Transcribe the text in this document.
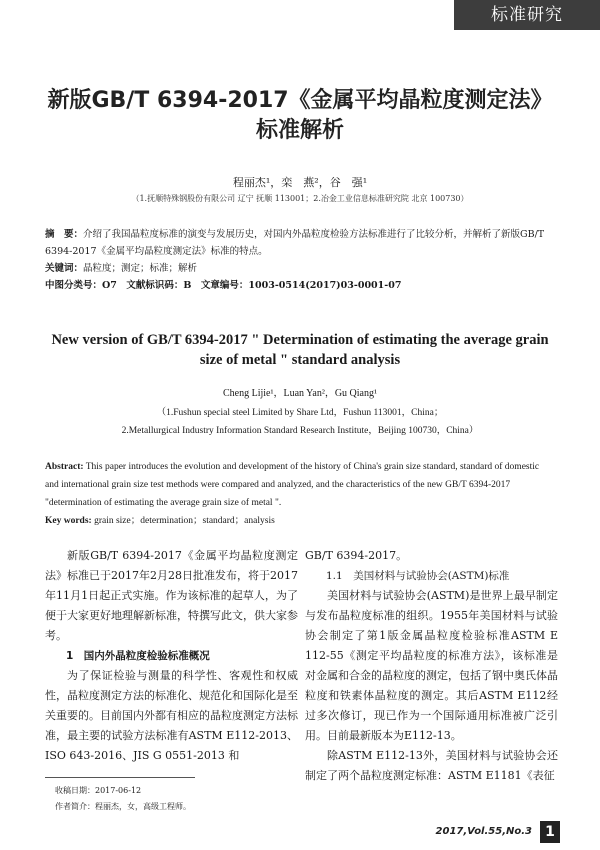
标准研究
新版GB/T 6394-2017《金属平均晶粒度测定法》标准解析
程丽杰¹，栾　燕²，谷　强¹
（1.抚顺特殊钢股份有限公司 辽宁 抚顺 113001；2.冶金工业信息标准研究院 北京 100730）

摘　要：介绍了我国晶粒度标准的演变与发展历史，对国内外晶粒度检验方法标准进行了比较分析，并解析了新版GB/T 6394-2017《金属平均晶粒度测定法》标准的特点。

关键词：晶粒度；测定；标准；解析

中图分类号：O7　文献标识码：B　文章编号：1003-0514(2017)03-0001-07

New version of GB/T 6394-2017 " Determination of estimating the average grain size of metal " standard analysis
Cheng Lijie¹，Luan Yan²，Gu Qiang¹
（1.Fushun special steel Limited by Share Ltd，Fushun 113001，China；
2.Metallurgical Industry Information Standard Research Institute，Beijing 100730，China）

Abstract: This paper introduces the evolution and development of the history of China's grain size standard, standard of domestic and international grain size test methods were compared and analyzed, and the characteristics of the new GB/T 6394-2017 "determination of estimating the average grain size of metal ".

Key words: grain size；determination；standard；analysis

新版GB/T 6394-2017《金属平均晶粒度测定法》标准已于2017年2月28日批准发布，将于2017年11月1日起正式实施。作为该标准的起草人，为了便于大家更好地理解新标准，特撰写此文，供大家参考。

1　国内外晶粒度检验标准概况

为了保证检验与测量的科学性、客观性和权威性，晶粒度测定方法的标准化、规范化和国际化是至关重要的。目前国内外都有相应的晶粒度测定方法标准，最主要的试验方法标准有ASTM E112-2013、ISO 643-2016、JIS G 0551-2013 和

GB/T 6394-2017。

1.1　美国材料与试验协会(ASTM)标准

美国材料与试验协会(ASTM)是世界上最早制定与发布晶粒度标准的组织。1955年美国材料与试验协会制定了第1版金属晶粒度检验标准ASTM E 112-55《测定平均晶粒度的标准方法》，该标准是对金属和合金的晶粒度的测定，包括了钢中奥氏体晶粒度和铁素体晶粒度的测定。其后ASTM E112经过多次修订，现已作为一个国际通用标准被广泛引用。目前最新版本为E112-13。

除ASTM E112-13外，美国材料与试验协会还制定了两个晶粒度测定标准：ASTM E1181《表征

收稿日期：2017-06-12
作者简介：程丽杰，女，高级工程师。
2017,Vol.55,No.3 1
